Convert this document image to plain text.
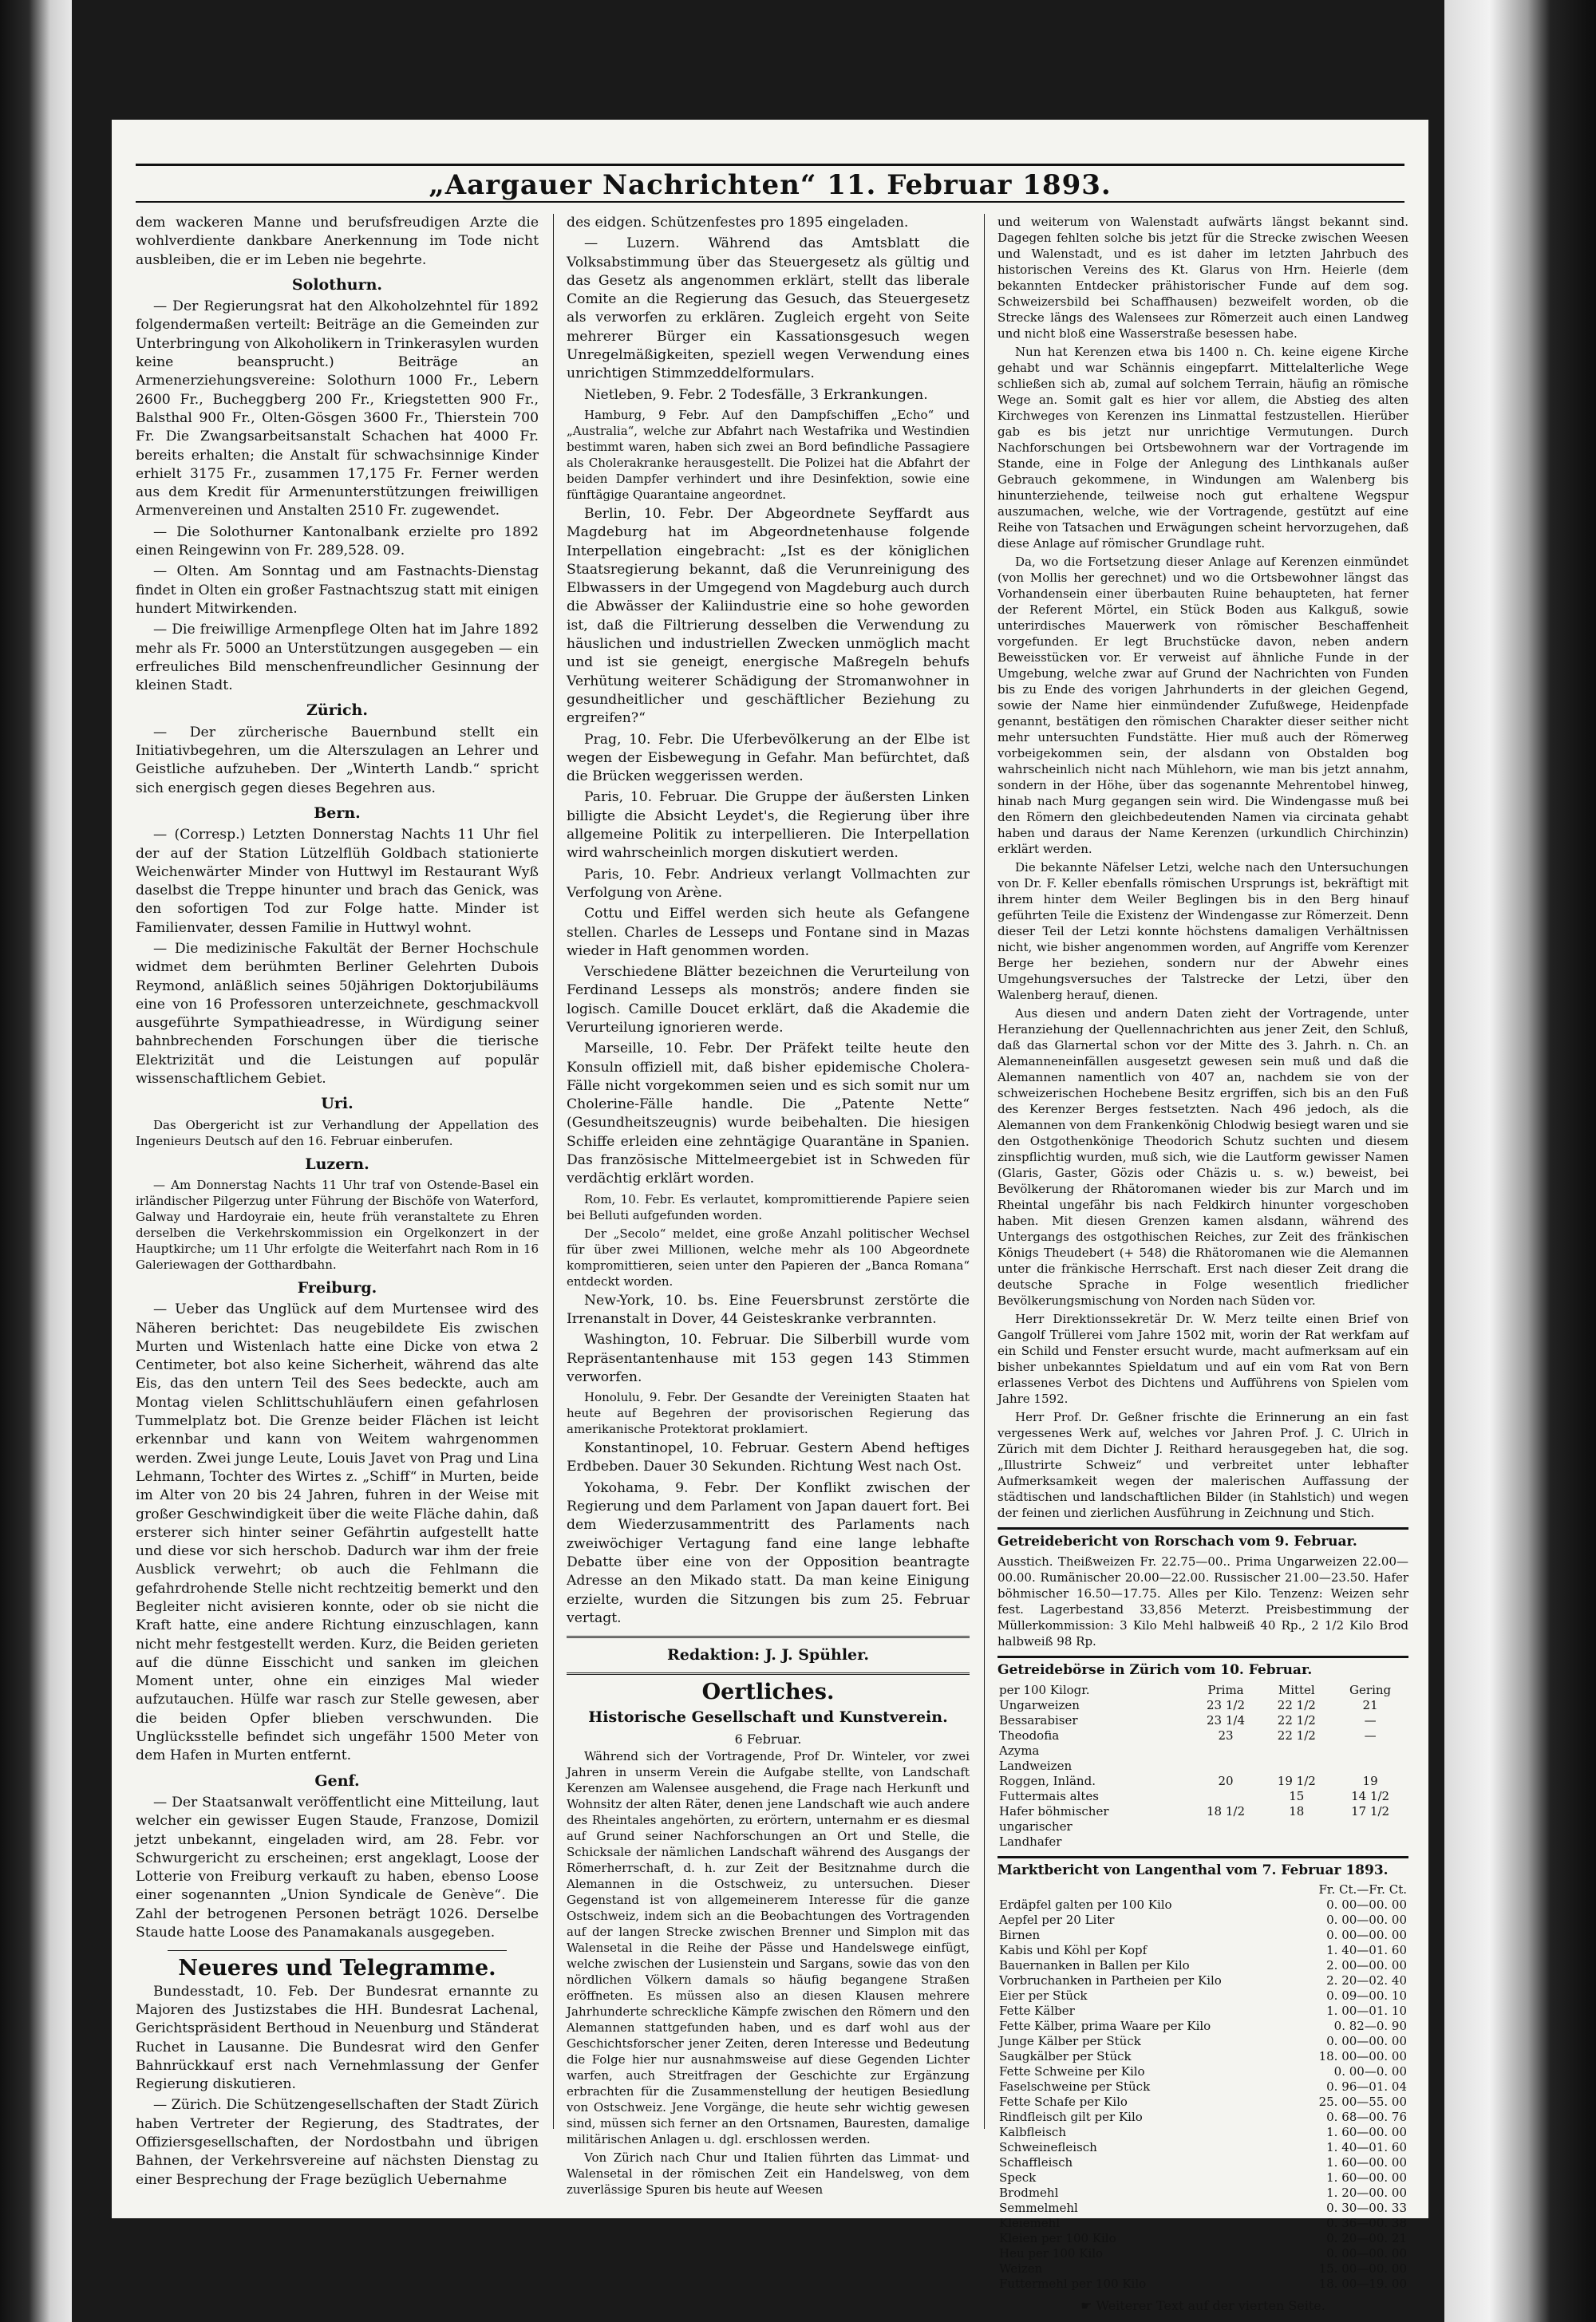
„Aargauer Nachrichten“ 11. Februar 1893.

dem wackeren Manne und berufsfreudigen Arzte die wohlverdiente dankbare Anerkennung im Tode nicht ausbleiben, die er im Leben nie begehrte.

Solothurn.

— Der Regierungsrat hat den Alkoholzehntel für 1892 folgendermaßen verteilt: Beiträge an die Gemeinden zur Unterbringung von Alkoholikern in Trinkerasylen wurden keine beansprucht.) Beiträge an Armenerziehungsvereine: Solothurn 1000 Fr., Lebern 2600 Fr., Bucheggberg 200 Fr., Kriegstetten 900 Fr., Balsthal 900 Fr., Olten-Gösgen 3600 Fr., Thierstein 700 Fr. Die Zwangsarbeitsanstalt Schachen hat 4000 Fr. bereits erhalten; die Anstalt für schwachsinnige Kinder erhielt 3175 Fr., zusammen 17,175 Fr. Ferner werden aus dem Kredit für Armenunterstützungen freiwilligen Armenvereinen und Anstalten 2510 Fr. zugewendet.

— Die Solothurner Kantonalbank erzielte pro 1892 einen Reingewinn von Fr. 289,528. 09.

— Olten. Am Sonntag und am Fastnachts-Dienstag findet in Olten ein großer Fastnachtszug statt mit einigen hundert Mitwirkenden.

— Die freiwillige Armenpflege Olten hat im Jahre 1892 mehr als Fr. 5000 an Unterstützungen ausgegeben — ein erfreuliches Bild menschenfreundlicher Gesinnung der kleinen Stadt.

Zürich.

— Der zürcherische Bauernbund stellt ein Initiativbegehren, um die Alterszulagen an Lehrer und Geistliche aufzuheben. Der „Winterth Landb.“ spricht sich energisch gegen dieses Begehren aus.

Bern.

— (Corresp.) Letzten Donnerstag Nachts 11 Uhr fiel der auf der Station Lützelflüh Goldbach stationierte Weichenwärter Minder von Huttwyl im Restaurant Wyß daselbst die Treppe hinunter und brach das Genick, was den sofortigen Tod zur Folge hatte. Minder ist Familienvater, dessen Familie in Huttwyl wohnt.

— Die medizinische Fakultät der Berner Hochschule widmet dem berühmten Berliner Gelehrten Dubois Reymond, anläßlich seines 50jährigen Doktorjubiläums eine von 16 Professoren unterzeichnete, geschmackvoll ausgeführte Sympathieadresse, in Würdigung seiner bahnbrechenden Forschungen über die tierische Elektrizität und die Leistungen auf populär wissenschaftlichem Gebiet.

Uri.

Das Obergericht ist zur Verhandlung der Appellation des Ingenieurs Deutsch auf den 16. Februar einberufen.

Luzern.

— Am Donnerstag Nachts 11 Uhr traf von Ostende-Basel ein irländischer Pilgerzug unter Führung der Bischöfe von Waterford, Galway und Hardoyraie ein, heute früh veranstaltete zu Ehren derselben die Verkehrskommission ein Orgelkonzert in der Hauptkirche; um 11 Uhr erfolgte die Weiterfahrt nach Rom in 16 Galeriewagen der Gotthardbahn.

Freiburg.

— Ueber das Unglück auf dem Murtensee wird des Näheren berichtet: Das neugebildete Eis zwischen Murten und Wistenlach hatte eine Dicke von etwa 2 Centimeter, bot also keine Sicherheit, während das alte Eis, das den untern Teil des Sees bedeckte, auch am Montag vielen Schlittschuhläufern einen gefahrlosen Tummelplatz bot. Die Grenze beider Flächen ist leicht erkennbar und kann von Weitem wahrgenommen werden. Zwei junge Leute, Louis Javet von Prag und Lina Lehmann, Tochter des Wirtes z. „Schiff“ in Murten, beide im Alter von 20 bis 24 Jahren, fuhren in der Weise mit großer Geschwindigkeit über die weite Fläche dahin, daß ersterer sich hinter seiner Gefährtin aufgestellt hatte und diese vor sich herschob. Dadurch war ihm der freie Ausblick verwehrt; ob auch die Fehlmann die gefahrdrohende Stelle nicht rechtzeitig bemerkt und den Begleiter nicht avisieren konnte, oder ob sie nicht die Kraft hatte, eine andere Richtung einzuschlagen, kann nicht mehr festgestellt werden. Kurz, die Beiden gerieten auf die dünne Eisschicht und sanken im gleichen Moment unter, ohne ein einziges Mal wieder aufzutauchen. Hülfe war rasch zur Stelle gewesen, aber die beiden Opfer blieben verschwunden. Die Unglücksstelle befindet sich ungefähr 1500 Meter von dem Hafen in Murten entfernt.

Genf.

— Der Staatsanwalt veröffentlicht eine Mitteilung, laut welcher ein gewisser Eugen Staude, Franzose, Domizil jetzt unbekannt, eingeladen wird, am 28. Febr. vor Schwurgericht zu erscheinen; erst angeklagt, Loose der Lotterie von Freiburg verkauft zu haben, ebenso Loose einer sogenannten „Union Syndicale de Genève“. Die Zahl der betrogenen Personen beträgt 1026. Derselbe Staude hatte Loose des Panamakanals ausgegeben.

Neueres und Telegramme.

Bundesstadt, 10. Feb. Der Bundesrat ernannte zu Majoren des Justizstabes die HH. Bundesrat Lachenal, Gerichtspräsident Berthoud in Neuenburg und Ständerat Ruchet in Lausanne. Die Bundesrat wird den Genfer Bahnrückkauf erst nach Vernehmlassung der Genfer Regierung diskutieren.

— Zürich. Die Schützengesellschaften der Stadt Zürich haben Vertreter der Regierung, des Stadtrates, der Offiziersgesellschaften, der Nordostbahn und übrigen Bahnen, der Verkehrsvereine auf nächsten Dienstag zu einer Besprechung der Frage bezüglich Uebernahme

des eidgen. Schützenfestes pro 1895 eingeladen.

— Luzern. Während das Amtsblatt die Volksabstimmung über das Steuergesetz als gültig und das Gesetz als angenommen erklärt, stellt das liberale Comite an die Regierung das Gesuch, das Steuergesetz als verworfen zu erklären. Zugleich ergeht von Seite mehrerer Bürger ein Kassationsgesuch wegen Unregelmäßigkeiten, speziell wegen Verwendung eines unrichtigen Stimmzeddelformulars.

Nietleben, 9. Febr. 2 Todesfälle, 3 Erkrankungen.

Hamburg, 9 Febr. Auf den Dampfschiffen „Echo“ und „Australia“, welche zur Abfahrt nach Westafrika und Westindien bestimmt waren, haben sich zwei an Bord befindliche Passagiere als Cholerakranke herausgestellt. Die Polizei hat die Abfahrt der beiden Dampfer verhindert und ihre Desinfektion, sowie eine fünftägige Quarantaine angeordnet.

Berlin, 10. Febr. Der Abgeordnete Seyffardt aus Magdeburg hat im Abgeordnetenhause folgende Interpellation eingebracht: „Ist es der königlichen Staatsregierung bekannt, daß die Verunreinigung des Elbwassers in der Umgegend von Magdeburg auch durch die Abwässer der Kaliindustrie eine so hohe geworden ist, daß die Filtrierung desselben die Verwendung zu häuslichen und industriellen Zwecken unmöglich macht und ist sie geneigt, energische Maßregeln behufs Verhütung weiterer Schädigung der Stromanwohner in gesundheitlicher und geschäftlicher Beziehung zu ergreifen?“

Prag, 10. Febr. Die Uferbevölkerung an der Elbe ist wegen der Eisbewegung in Gefahr. Man befürchtet, daß die Brücken weggerissen werden.

Paris, 10. Februar. Die Gruppe der äußersten Linken billigte die Absicht Leydet's, die Regierung über ihre allgemeine Politik zu interpellieren. Die Interpellation wird wahrscheinlich morgen diskutiert werden.

Paris, 10. Febr. Andrieux verlangt Vollmachten zur Verfolgung von Arène.

Cottu und Eiffel werden sich heute als Gefangene stellen. Charles de Lesseps und Fontane sind in Mazas wieder in Haft genommen worden.

Verschiedene Blätter bezeichnen die Verurteilung von Ferdinand Lesseps als monströs; andere finden sie logisch. Camille Doucet erklärt, daß die Akademie die Verurteilung ignorieren werde.

Marseille, 10. Febr. Der Präfekt teilte heute den Konsuln offiziell mit, daß bisher epidemische Cholera-Fälle nicht vorgekommen seien und es sich somit nur um Cholerine-Fälle handle. Die „Patente Nette“ (Gesundheitszeugnis) wurde beibehalten. Die hiesigen Schiffe erleiden eine zehntägige Quarantäne in Spanien. Das französische Mittelmeergebiet ist in Schweden für verdächtig erklärt worden.

Rom, 10. Febr. Es verlautet, kompromittierende Papiere seien bei Belluti aufgefunden worden.

Der „Secolo“ meldet, eine große Anzahl politischer Wechsel für über zwei Millionen, welche mehr als 100 Abgeordnete kompromittieren, seien unter den Papieren der „Banca Romana“ entdeckt worden.

New-York, 10. bs. Eine Feuersbrunst zerstörte die Irrenanstalt in Dover, 44 Geisteskranke verbrannten.

Washington, 10. Februar. Die Silberbill wurde vom Repräsentantenhause mit 153 gegen 143 Stimmen verworfen.

Honolulu, 9. Febr. Der Gesandte der Vereinigten Staaten hat heute auf Begehren der provisorischen Regierung das amerikanische Protektorat proklamiert.

Konstantinopel, 10. Februar. Gestern Abend heftiges Erdbeben. Dauer 30 Sekunden. Richtung West nach Ost.

Yokohama, 9. Febr. Der Konflikt zwischen der Regierung und dem Parlament von Japan dauert fort. Bei dem Wiederzusammentritt des Parlaments nach zweiwöchiger Vertagung fand eine lange lebhafte Debatte über eine von der Opposition beantragte Adresse an den Mikado statt. Da man keine Einigung erzielte, wurden die Sitzungen bis zum 25. Februar vertagt.

Redaktion: J. J. Spühler.
Oertliches.
Historische Gesellschaft und Kunstverein.
6 Februar.

Während sich der Vortragende, Prof Dr. Winteler, vor zwei Jahren in unserm Verein die Aufgabe stellte, von Landschaft Kerenzen am Walensee ausgehend, die Frage nach Herkunft und Wohnsitz der alten Räter, denen jene Landschaft wie auch andere des Rheintales angehörten, zu erörtern, unternahm er es diesmal auf Grund seiner Nachforschungen an Ort und Stelle, die Schicksale der nämlichen Landschaft während des Ausgangs der Römerherrschaft, d. h. zur Zeit der Besitznahme durch die Alemannen in die Ostschweiz, zu untersuchen. Dieser Gegenstand ist von allgemeinerem Interesse für die ganze Ostschweiz, indem sich an die Beobachtungen des Vortragenden auf der langen Strecke zwischen Brenner und Simplon mit das Walensetal in die Reihe der Pässe und Handelswege einfügt, welche zwischen der Lusienstein und Sargans, sowie das von den nördlichen Völkern damals so häufig begangene Straßen eröffneten. Es müssen also an diesen Klausen mehrere Jahrhunderte schreckliche Kämpfe zwischen den Römern und den Alemannen stattgefunden haben, und es darf wohl aus der Geschichtsforscher jener Zeiten, deren Interesse und Bedeutung die Folge hier nur ausnahmsweise auf diese Gegenden Lichter warfen, auch Streitfragen der Geschichte zur Ergänzung erbrachten für die Zusammenstellung der heutigen Besiedlung von Ostschweiz. Jene Vorgänge, die heute sehr wichtig gewesen sind, müssen sich ferner an den Ortsnamen, Bauresten, damalige militärischen Anlagen u. dgl. erschlossen werden.

Von Zürich nach Chur und Italien führten das Limmat- und Walensetal in der römischen Zeit ein Handelsweg, von dem zuverlässige Spuren bis heute auf Weesen

und weiterum von Walenstadt aufwärts längst bekannt sind. Dagegen fehlten solche bis jetzt für die Strecke zwischen Weesen und Walenstadt, und es ist daher im letzten Jahrbuch des historischen Vereins des Kt. Glarus von Hrn. Heierle (dem bekannten Entdecker prähistorischer Funde auf dem sog. Schweizersbild bei Schaffhausen) bezweifelt worden, ob die Strecke längs des Walensees zur Römerzeit auch einen Landweg und nicht bloß eine Wasserstraße besessen habe.

Nun hat Kerenzen etwa bis 1400 n. Ch. keine eigene Kirche gehabt und war Schännis eingepfarrt. Mittelalterliche Wege schließen sich ab, zumal auf solchem Terrain, häufig an römische Wege an. Somit galt es hier vor allem, die Abstieg des alten Kirchweges von Kerenzen ins Linmattal festzustellen. Hierüber gab es bis jetzt nur unrichtige Vermutungen. Durch Nachforschungen bei Ortsbewohnern war der Vortragende im Stande, eine in Folge der Anlegung des Linthkanals außer Gebrauch gekommene, in Windungen am Walenberg bis hinunterziehende, teilweise noch gut erhaltene Wegspur auszumachen, welche, wie der Vortragende, gestützt auf eine Reihe von Tatsachen und Erwägungen scheint hervorzugehen, daß diese Anlage auf römischer Grundlage ruht.

Da, wo die Fortsetzung dieser Anlage auf Kerenzen einmündet (von Mollis her gerechnet) und wo die Ortsbewohner längst das Vorhandensein einer überbauten Ruine behaupteten, hat ferner der Referent Mörtel, ein Stück Boden aus Kalkguß, sowie unterirdisches Mauerwerk von römischer Beschaffenheit vorgefunden. Er legt Bruchstücke davon, neben andern Beweisstücken vor. Er verweist auf ähnliche Funde in der Umgebung, welche zwar auf Grund der Nachrichten von Funden bis zu Ende des vorigen Jahrhunderts in der gleichen Gegend, sowie der Name hier einmündender Zufußwege, Heidenpfade genannt, bestätigen den römischen Charakter dieser seither nicht mehr untersuchten Fundstätte. Hier muß auch der Römerweg vorbeigekommen sein, der alsdann von Obstalden bog wahrscheinlich nicht nach Mühlehorn, wie man bis jetzt annahm, sondern in der Höhe, über das sogenannte Mehrentobel hinweg, hinab nach Murg gegangen sein wird. Die Windengasse muß bei den Römern den gleichbedeutenden Namen via circinata gehabt haben und daraus der Name Kerenzen (urkundlich Chirchinzin) erklärt werden.

Die bekannte Näfelser Letzi, welche nach den Untersuchungen von Dr. F. Keller ebenfalls römischen Ursprungs ist, bekräftigt mit ihrem hinter dem Weiler Beglingen bis in den Berg hinauf geführten Teile die Existenz der Windengasse zur Römerzeit. Denn dieser Teil der Letzi konnte höchstens damaligen Verhältnissen nicht, wie bisher angenommen worden, auf Angriffe vom Kerenzer Berge her beziehen, sondern nur der Abwehr eines Umgehungsversuches der Talstrecke der Letzi, über den Walenberg herauf, dienen.

Aus diesen und andern Daten zieht der Vortragende, unter Heranziehung der Quellennachrichten aus jener Zeit, den Schluß, daß das Glarnertal schon vor der Mitte des 3. Jahrh. n. Ch. an Alemanneneinfällen ausgesetzt gewesen sein muß und daß die Alemannen namentlich von 407 an, nachdem sie von der schweizerischen Hochebene Besitz ergriffen, sich bis an den Fuß des Kerenzer Berges festsetzten. Nach 496 jedoch, als die Alemannen von dem Frankenkönig Chlodwig besiegt waren und sie den Ostgothenkönige Theodorich Schutz suchten und diesem zinspflichtig wurden, muß sich, wie die Lautform gewisser Namen (Glaris, Gaster, Gözis oder Chäzis u. s. w.) beweist, bei Bevölkerung der Rhätoromanen wieder bis zur March und im Rheintal ungefähr bis nach Feldkirch hinunter vorgeschoben haben. Mit diesen Grenzen kamen alsdann, während des Untergangs des ostgothischen Reiches, zur Zeit des fränkischen Königs Theudebert (+ 548) die Rhätoromanen wie die Alemannen unter die fränkische Herrschaft. Erst nach dieser Zeit drang die deutsche Sprache in Folge wesentlich friedlicher Bevölkerungsmischung von Norden nach Süden vor.

Herr Direktionssekretär Dr. W. Merz teilte einen Brief von Gangolf Trüllerei vom Jahre 1502 mit, worin der Rat werkfam auf ein Schild und Fenster ersucht wurde, macht aufmerksam auf ein bisher unbekanntes Spieldatum und auf ein vom Rat von Bern erlassenes Verbot des Dichtens und Aufführens von Spielen vom Jahre 1592.

Herr Prof. Dr. Geßner frischte die Erinnerung an ein fast vergessenes Werk auf, welches vor Jahren Prof. J. C. Ulrich in Zürich mit dem Dichter J. Reithard herausgegeben hat, die sog. „Illustrirte Schweiz“ und verbreitet unter lebhafter Aufmerksamkeit wegen der malerischen Auffassung der städtischen und landschaftlichen Bilder (in Stahlstich) und wegen der feinen und zierlichen Ausführung in Zeichnung und Stich.

Getreidebericht von Rorschach vom 9. Februar.

Ausstich. Theißweizen Fr. 22.75—00.. Prima Ungarweizen 22.00—00.00. Rumänischer 20.00—22.00. Russischer 21.00—23.50. Hafer böhmischer 16.50—17.75. Alles per Kilo. Tenzenz: Weizen sehr fest. Lagerbestand 33,856 Meterzt. Preisbestimmung der Müllerkommission: 3 Kilo Mehl halbweiß 40 Rp., 2 1/2 Kilo Brod halbweiß 98 Rp.

Getreidebörse in Zürich vom 10. Februar.

per 100 Kilogr.	Prima	Mittel	Gering
Ungarweizen	23 1/2	22 1/2	21
Bessarabiser	23 1/4	22 1/2	—
Theodofia	23	22 1/2	—
Azyma			
Landweizen			
Roggen, Inländ.	20	19 1/2	19
Futtermais altes		15	14 1/2
Hafer böhmischer	18 1/2	18	17 1/2
ungarischer			
Landhafer			

Marktbericht von Langenthal vom 7. Februar 1893.

	Fr. Ct.—Fr. Ct.
Erdäpfel galten per 100 Kilo	0. 00—00. 00
Aepfel per 20 Liter	0. 00—00. 00
Birnen	0. 00—00. 00
Kabis und Köhl per Kopf	1. 40—01. 60
Bauernanken in Ballen per Kilo	2. 00—00. 00
Vorbruchanken in Partheien per Kilo	2. 20—02. 40
Eier per Stück	0. 09—00. 10
Fette Kälber	1. 00—01. 10
Fette Kälber, prima Waare per Kilo	0. 82—0. 90
Junge Kälber per Stück	0. 00—00. 00
Saugkälber per Stück	18. 00—00. 00
Fette Schweine per Kilo	0. 00—0. 00
Faselschweine per Stück	0. 96—01. 04
Fette Schafe per Kilo	25. 00—55. 00
Rindfleisch gilt per Kilo	0. 68—00. 76
Kalbfleisch	1. 60—00. 00
Schweinefleisch	1. 40—01. 60
Schaffleisch	1. 60—00. 00
Speck	1. 60—00. 00
Brodmehl	1. 20—00. 00
Semmelmehl	0. 30—00. 33
Kleiemehl	0. 36—00. 38
Kleien per 100 Kilo	0. 20—00. 21
Heu per 100 Kilo	0. 00—00. 00
Weizen	15. 00—00. 00
Futtermehl per 100 Kilo	18. 00—19. 00
☛ Weiterer Text auf der vierten Seite.
